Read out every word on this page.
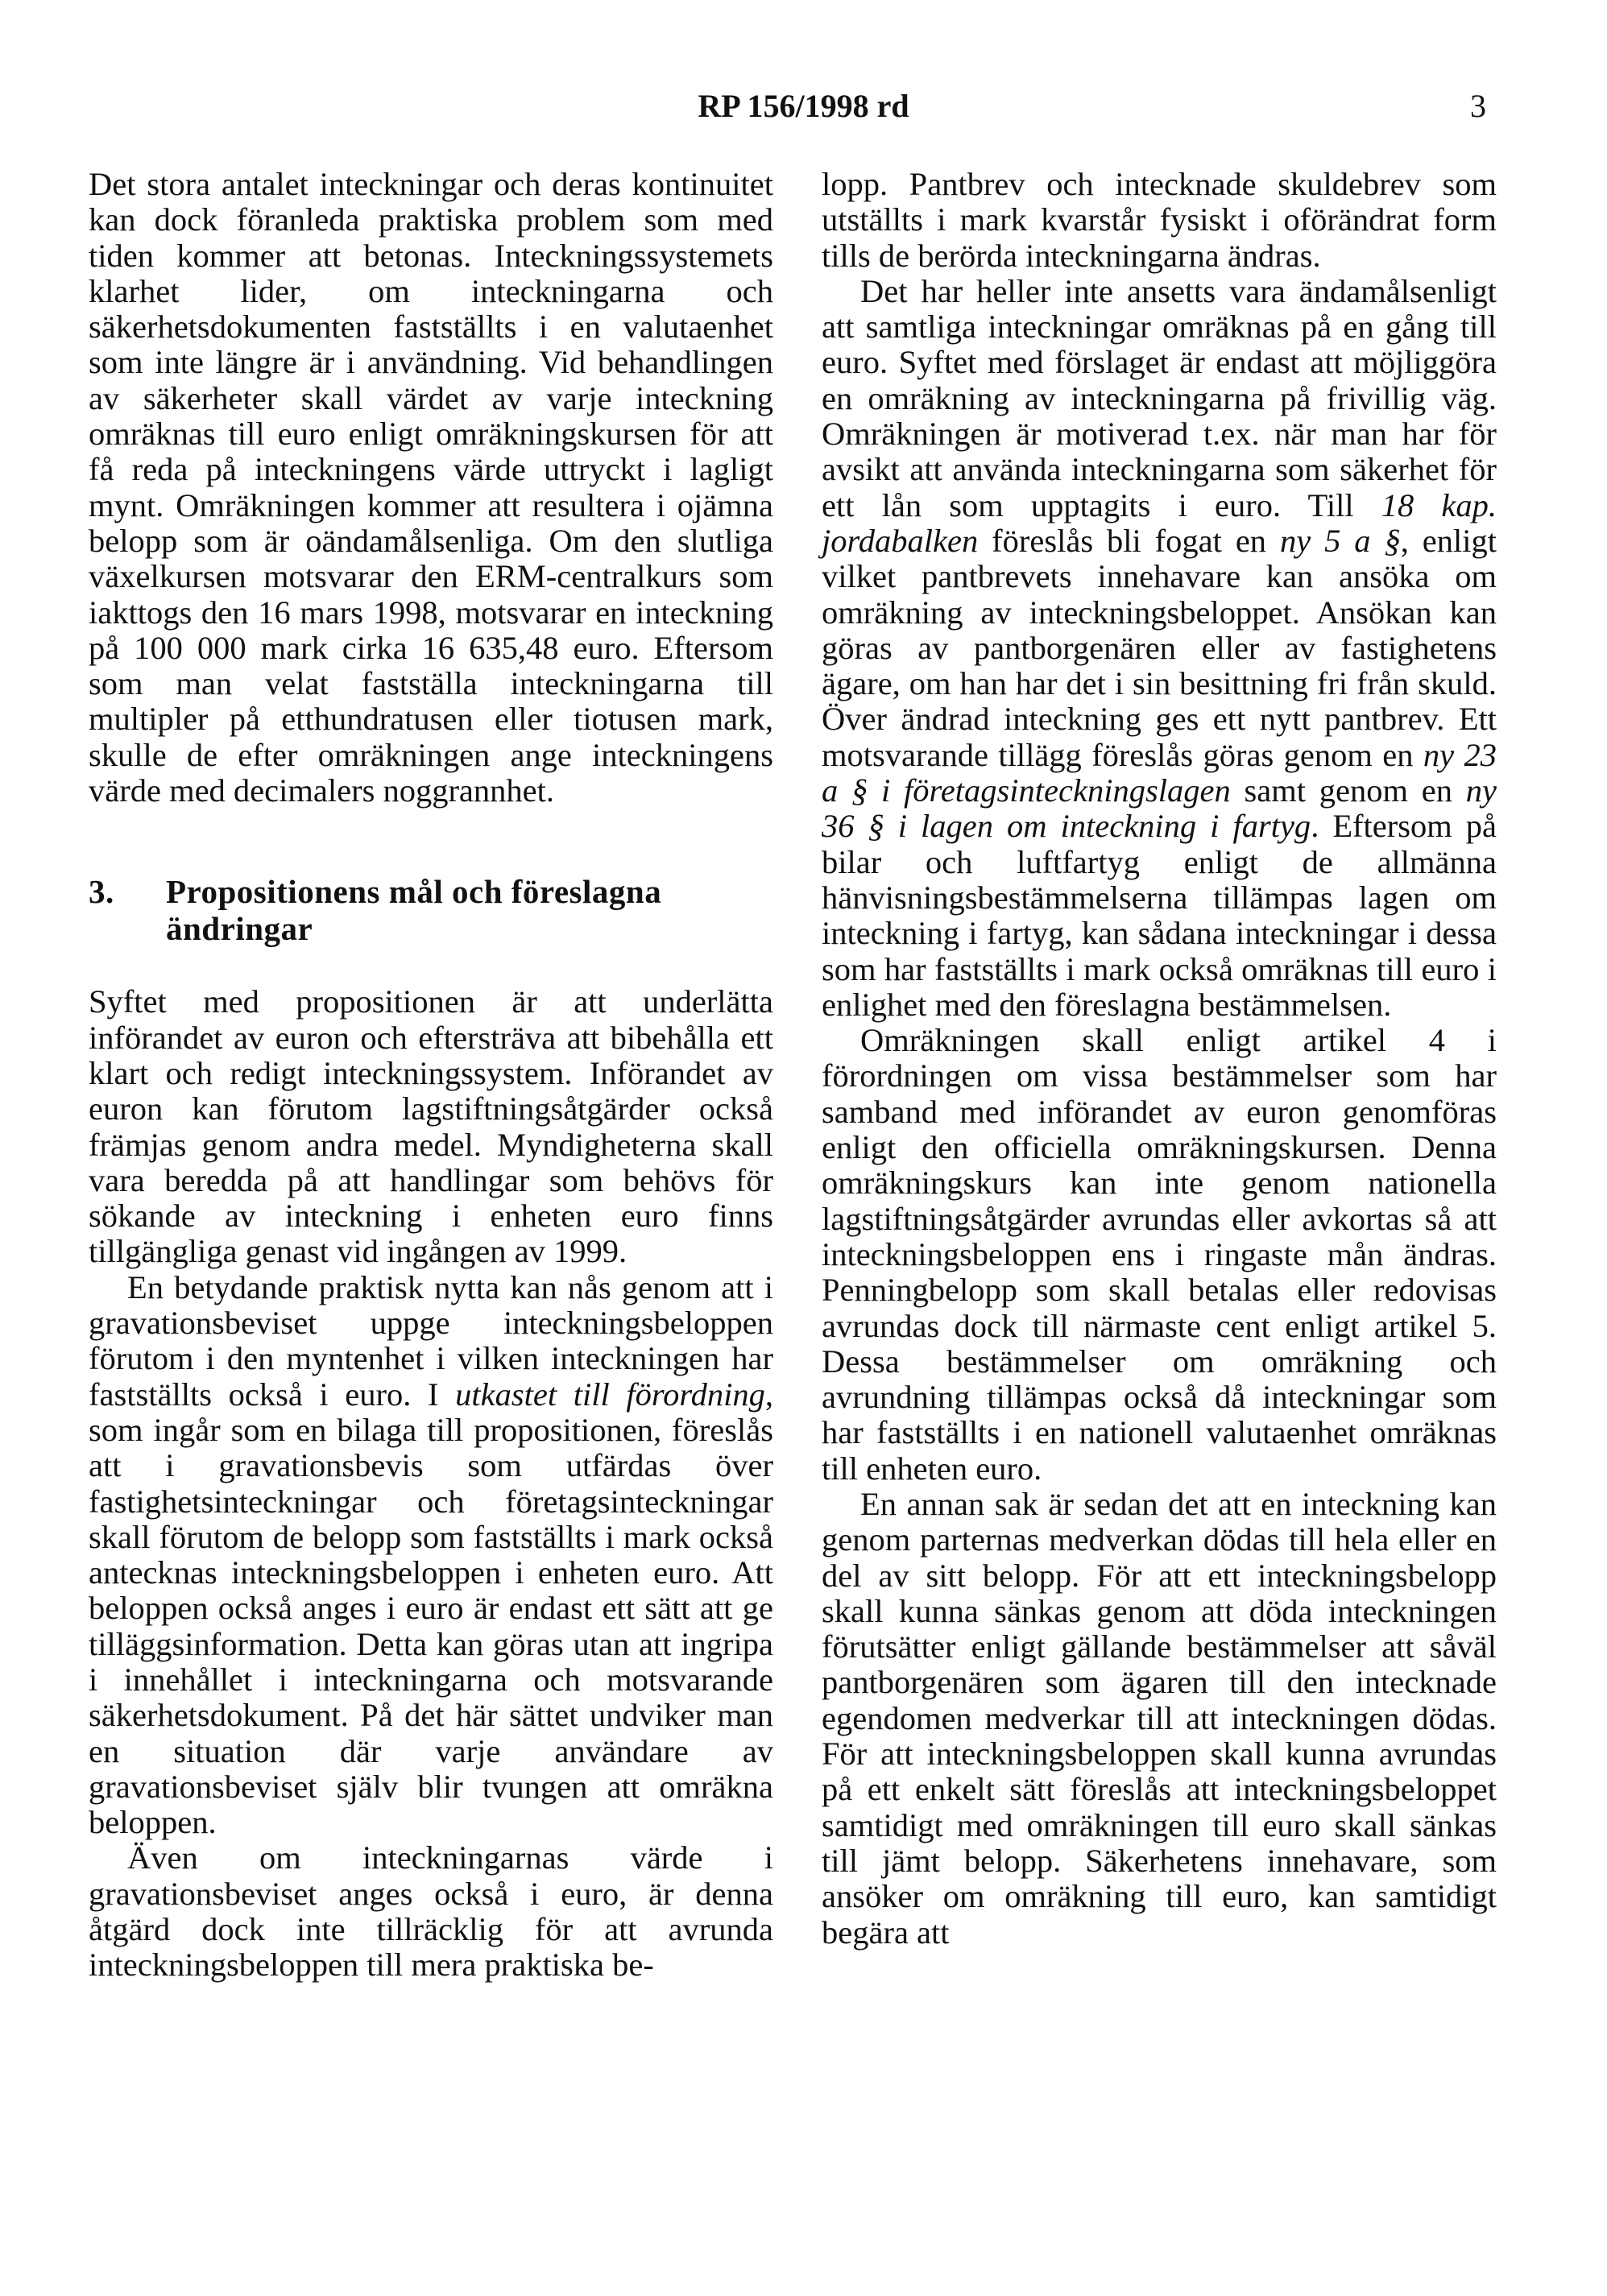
RP 156/1998 rd	3

Det stora antalet inteckningar och deras kontinuitet kan dock föranleda praktiska problem som med tiden kommer att betonas. Inteckningssystemets klarhet lider, om inteckningarna och säkerhetsdokumenten fastställts i en valutaenhet som inte längre är i användning. Vid behandlingen av säkerheter skall värdet av varje inteckning omräknas till euro enligt omräkningskursen för att få reda på inteckningens värde uttryckt i lagligt mynt. Omräkningen kommer att resultera i ojämna belopp som är oändamålsenliga. Om den slutliga växelkursen motsvarar den ERM-centralkurs som iakttogs den 16 mars 1998, motsvarar en inteckning på 100 000 mark cirka 16 635,48 euro. Eftersom som man velat fastställa inteckningarna till multipler på etthundratusen eller tiotusen mark, skulle de efter omräkningen ange inteckningens värde med decimalers noggrannhet.

3.	Propositionens mål och föreslagna ändringar

Syftet med propositionen är att underlätta införandet av euron och eftersträva att bibehålla ett klart och redigt inteckningssystem. Införandet av euron kan förutom lagstiftningsåtgärder också främjas genom andra medel. Myndigheterna skall vara beredda på att handlingar som behövs för sökande av inteckning i enheten euro finns tillgängliga genast vid ingången av 1999.

En betydande praktisk nytta kan nås genom att i gravationsbeviset uppge inteckningsbeloppen förutom i den myntenhet i vilken inteckningen har fastställts också i euro. I utkastet till förordning, som ingår som en bilaga till propositionen, föreslås att i gravationsbevis som utfärdas över fastighetsinteckningar och företagsinteckningar skall förutom de belopp som fastställts i mark också antecknas inteckningsbeloppen i enheten euro. Att beloppen också anges i euro är endast ett sätt att ge tilläggsinformation. Detta kan göras utan att ingripa i innehållet i inteckningarna och motsvarande säkerhetsdokument. På det här sättet undviker man en situation där varje användare av gravationsbeviset själv blir tvungen att omräkna beloppen.

Även om inteckningarnas värde i gravationsbeviset anges också i euro, är denna åtgärd dock inte tillräcklig för att avrunda inteckningsbeloppen till mera praktiska be-

lopp. Pantbrev och intecknade skuldebrev som utställts i mark kvarstår fysiskt i oförändrat form tills de berörda inteckningarna ändras.

Det har heller inte ansetts vara ändamålsenligt att samtliga inteckningar omräknas på en gång till euro. Syftet med förslaget är endast att möjliggöra en omräkning av inteckningarna på frivillig väg. Omräkningen är motiverad t.ex. när man har för avsikt att använda inteckningarna som säkerhet för ett lån som upptagits i euro. Till 18 kap. jordabalken föreslås bli fogat en ny 5 a §, enligt vilket pantbrevets innehavare kan ansöka om omräkning av inteckningsbeloppet. Ansökan kan göras av pantborgenären eller av fastighetens ägare, om han har det i sin besittning fri från skuld. Över ändrad inteckning ges ett nytt pantbrev. Ett motsvarande tillägg föreslås göras genom en ny 23 a § i företagsinteckningslagen samt genom en ny 36 § i lagen om inteckning i fartyg. Eftersom på bilar och luftfartyg enligt de allmänna hänvisningsbestämmelserna tillämpas lagen om inteckning i fartyg, kan sådana inteckningar i dessa som har fastställts i mark också omräknas till euro i enlighet med den föreslagna bestämmelsen.

Omräkningen skall enligt artikel 4 i förordningen om vissa bestämmelser som har samband med införandet av euron genomföras enligt den officiella omräkningskursen. Denna omräkningskurs kan inte genom nationella lagstiftningsåtgärder avrundas eller avkortas så att inteckningsbeloppen ens i ringaste mån ändras. Penningbelopp som skall betalas eller redovisas avrundas dock till närmaste cent enligt artikel 5. Dessa bestämmelser om omräkning och avrundning tillämpas också då inteckningar som har fastställts i en nationell valutaenhet omräknas till enheten euro.

En annan sak är sedan det att en inteckning kan genom parternas medverkan dödas till hela eller en del av sitt belopp. För att ett inteckningsbelopp skall kunna sänkas genom att döda inteckningen förutsätter enligt gällande bestämmelser att såväl pantborgenären som ägaren till den intecknade egendomen medverkar till att inteckningen dödas. För att inteckningsbeloppen skall kunna avrundas på ett enkelt sätt föreslås att inteckningsbeloppet samtidigt med omräkningen till euro skall sänkas till jämt belopp. Säkerhetens innehavare, som ansöker om omräkning till euro, kan samtidigt begära att
